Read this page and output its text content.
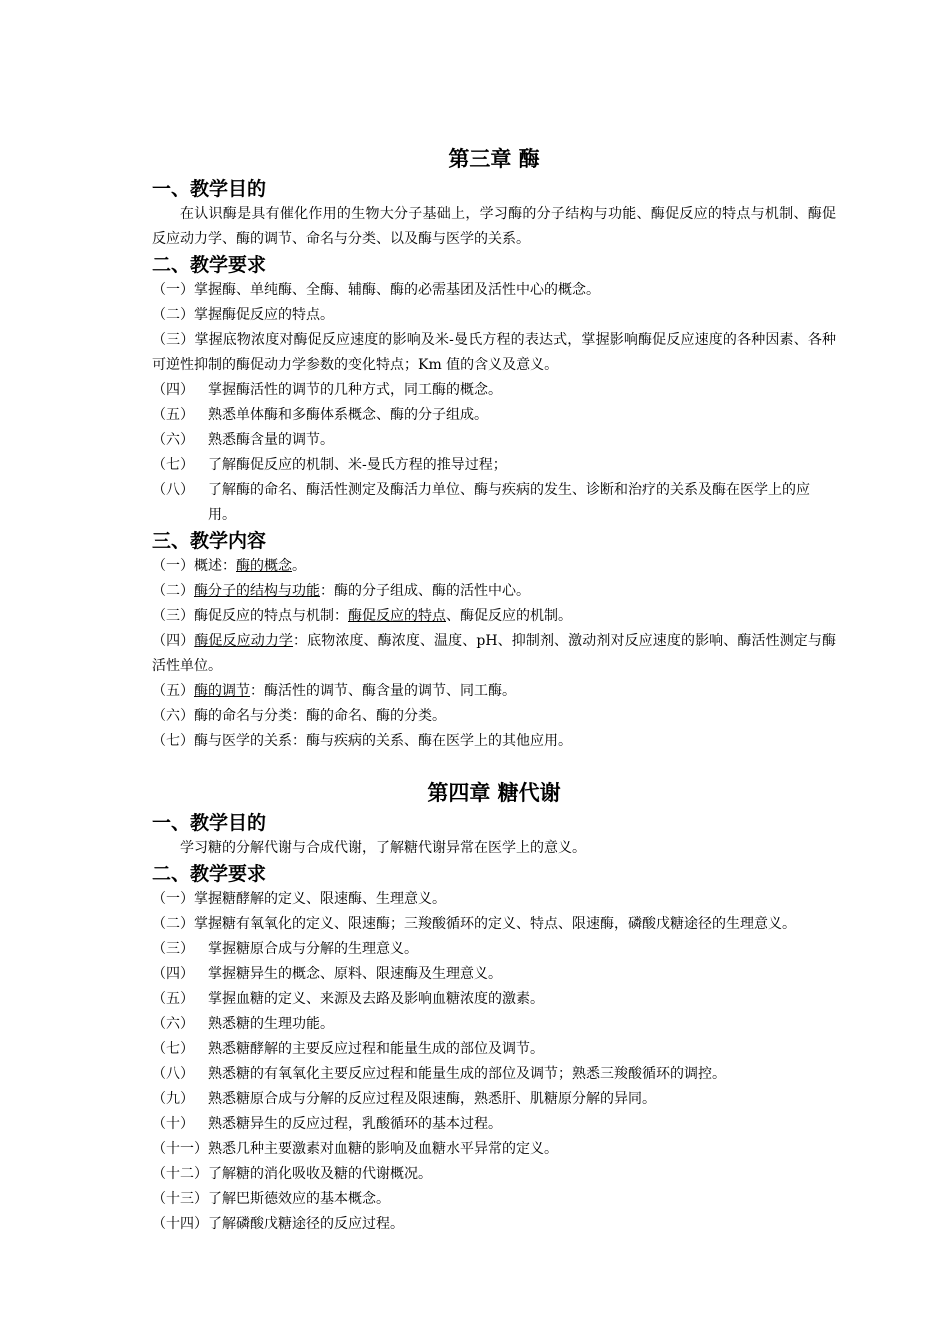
第三章 酶
一、教学目的
在认识酶是具有催化作用的生物大分子基础上，学习酶的分子结构与功能、酶促反应的特点与机制、酶促反应动力学、酶的调节、命名与分类、以及酶与医学的关系。
二、教学要求
（一）掌握酶、单纯酶、全酶、辅酶、酶的必需基团及活性中心的概念。
（二）掌握酶促反应的特点。
（三）掌握底物浓度对酶促反应速度的影响及米-曼氏方程的表达式，掌握影响酶促反应速度的各种因素、各种可逆性抑制的酶促动力学参数的变化特点；Km 值的含义及意义。
（四）	掌握酶活性的调节的几种方式，同工酶的概念。
（五）	熟悉单体酶和多酶体系概念、酶的分子组成。
（六）	熟悉酶含量的调节。
（七）	了解酶促反应的机制、米-曼氏方程的推导过程；
（八）	了解酶的命名、酶活性测定及酶活力单位、酶与疾病的发生、诊断和治疗的关系及酶在医学上的应用。
三、教学内容
（一）概述：酶的概念。
（二）酶分子的结构与功能：酶的分子组成、酶的活性中心。
（三）酶促反应的特点与机制：酶促反应的特点、酶促反应的机制。
（四）酶促反应动力学：底物浓度、酶浓度、温度、pH、抑制剂、激动剂对反应速度的影响、酶活性测定与酶活性单位。
（五）酶的调节：酶活性的调节、酶含量的调节、同工酶。
（六）酶的命名与分类：酶的命名、酶的分类。
（七）酶与医学的关系：酶与疾病的关系、酶在医学上的其他应用。
第四章 糖代谢
一、教学目的
学习糖的分解代谢与合成代谢，了解糖代谢异常在医学上的意义。
二、教学要求
（一）掌握糖酵解的定义、限速酶、生理意义。
（二）掌握糖有氧氧化的定义、限速酶；三羧酸循环的定义、特点、限速酶，磷酸戊糖途径的生理意义。
（三）	掌握糖原合成与分解的生理意义。
（四）	掌握糖异生的概念、原料、限速酶及生理意义。
（五）	掌握血糖的定义、来源及去路及影响血糖浓度的激素。
（六）	熟悉糖的生理功能。
（七）	熟悉糖酵解的主要反应过程和能量生成的部位及调节。
（八）	熟悉糖的有氧氧化主要反应过程和能量生成的部位及调节；熟悉三羧酸循环的调控。
（九）	熟悉糖原合成与分解的反应过程及限速酶，熟悉肝、肌糖原分解的异同。
（十）	熟悉糖异生的反应过程，乳酸循环的基本过程。
（十一）熟悉几种主要激素对血糖的影响及血糖水平异常的定义。
（十二）了解糖的消化吸收及糖的代谢概况。
（十三）了解巴斯德效应的基本概念。
（十四）了解磷酸戊糖途径的反应过程。
